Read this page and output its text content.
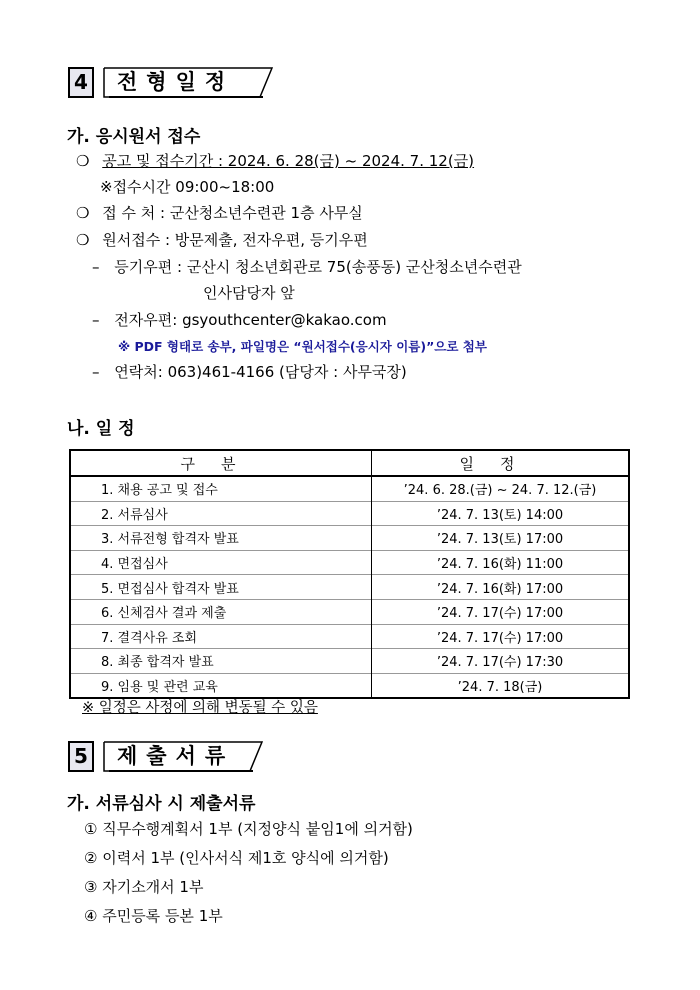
4 전형일정
가. 응시원서 접수
❍ 공고 및 접수기간 : 2024. 6. 28(금) ~ 2024. 7. 12(금)
※접수시간 09:00~18:00
❍ 접 수 처 : 군산청소년수련관 1층 사무실
❍ 원서접수 : 방문제출, 전자우편, 등기우편
– 등기우편 : 군산시 청소년회관로 75(송풍동) 군산청소년수련관
인사담당자 앞
– 전자우편: gsyouthcenter@kakao.com
※ PDF 형태로 송부, 파일명은 “원서접수(응시자 이름)”으로 첨부
– 연락처: 063)461-4166 (담당자 : 사무국장)
나. 일 정
구분	일정
1. 채용 공고 및 접수	’24. 6. 28.(금) ~ 24. 7. 12.(금)
2. 서류심사	’24. 7. 13(토) 14:00
3. 서류전형 합격자 발표	’24. 7. 13(토) 17:00
4. 면접심사	’24. 7. 16(화) 11:00
5. 면접심사 합격자 발표	’24. 7. 16(화) 17:00
6. 신체검사 결과 제출	’24. 7. 17(수) 17:00
7. 결격사유 조회	’24. 7. 17(수) 17:00
8. 최종 합격자 발표	’24. 7. 17(수) 17:30
9. 임용 및 관련 교육	’24. 7. 18(금)
※ 일정은 사정에 의해 변동될 수 있음
5 제출서류
가. 서류심사 시 제출서류
① 직무수행계획서 1부 (지정양식 붙임1에 의거함)
② 이력서 1부 (인사서식 제1호 양식에 의거함)
③ 자기소개서 1부
④ 주민등록 등본 1부
